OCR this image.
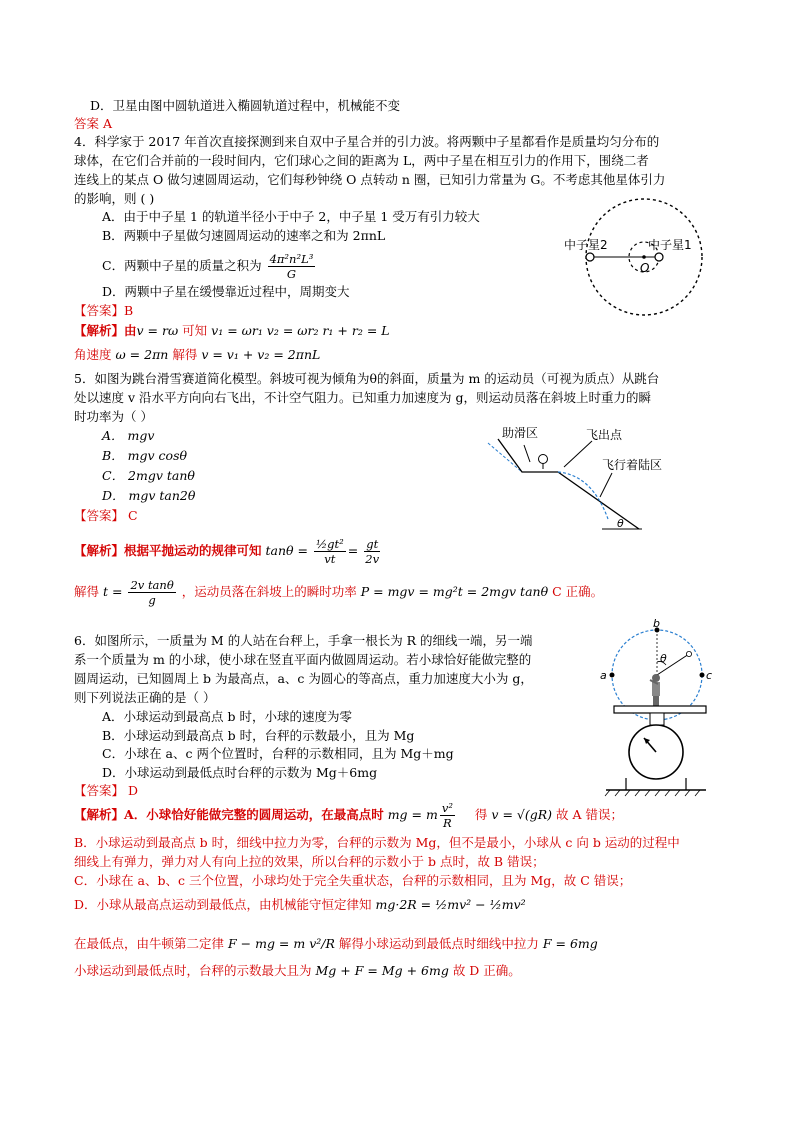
D．卫星由图中圆轨道进入椭圆轨道过程中，机械能不变
答案 A
4．科学家于 2017 年首次直接探测到来自双中子星合并的引力波。将两颗中子星都看作是质量均匀分布的
球体，在它们合并前的一段时间内，它们球心之间的距离为 L，两中子星在相互引力的作用下，围绕二者
连线上的某点 O 做匀速圆周运动，它们每秒钟绕 O 点转动 n 圈，已知引力常量为 G。不考虑其他星体引力
的影响，则 ( )
A．由于中子星 1 的轨道半径小于中子 2，中子星 1 受万有引力较大
B．两颗中子星做匀速圆周运动的速率之和为 2πnL
C．两颗中子星的质量之积为 $\frac{\text{4π²n²L³}}{G}$
D．两颗中子星在缓慢靠近过程中，周期变大
【答案】B
【解析】由v = rω 可知 v₁ = ωr₁ v₂ = ωr₂ r₁ + r₂ = L
角速度 ω = 2πn 解得 v = v₁ + v₂ = 2πnL
中子星2	中子星1
O
5．如图为跳台滑雪赛道简化模型。斜坡可视为倾角为θ的斜面，质量为 m 的运动员（可视为质点）从跳台
处以速度 v 沿水平方向向右飞出，不计空气阻力。已知重力加速度为 g，则运动员落在斜坡上时重力的瞬
时功率为（ ）
A． mgv
B． mgv cosθ
C． 2mgv tanθ
D． mgv tan2θ
【答案】 C
【解析】根据平抛运动的规律可知 $\tan\theta = \frac{\text{½gt²}}{vt} = \frac{gt}{2v}$
解得 $t = \frac{\text{2v tanθ}}{g}$ ，运动员落在斜坡上的瞬时功率 P = mgv = mg²t = 2mgv tanθ C 正确。
助滑区	飞出点
飞行着陆区
θ
6．如图所示，一质量为 M 的人站在台秤上，手拿一根长为 R 的细线一端，另一端
系一个质量为 m 的小球，使小球在竖直平面内做圆周运动。若小球恰好能做完整的
圆周运动，已知圆周上 b 为最高点，a、c 为圆心的等高点，重力加速度大小为 g，
则下列说法正确的是（ ）
A．小球运动到最高点 b 时，小球的速度为零
B．小球运动到最高点 b 时，台秤的示数最小，且为 Mg
C．小球在 a、c 两个位置时，台秤的示数相同，且为 Mg＋mg
D．小球运动到最低点时台秤的示数为 Mg＋6mg
【答案】 D
【解析】A．小球恰好能做完整的圆周运动，在最高点时 mg = m $\frac{\text{v²}}{R}$ 得 v = √(gR) 故 A 错误；
B．小球运动到最高点 b 时，细线中拉力为零，台秤的示数为 Mg，但不是最小，小球从 c 向 b 运动的过程中
细线上有弹力，弹力对人有向上拉的效果，所以台秤的示数小于 b 点时，故 B 错误；
C．小球在 a、b、c 三个位置，小球均处于完全失重状态，台秤的示数相同，且为 Mg，故 C 错误；
D．小球从最高点运动到最低点，由机械能守恒定律知 mg·2R = ½mv² − ½mv²
在最低点，由牛顿第二定律 F − mg = m v²/R 解得小球运动到最低点时细线中拉力 F = 6mg
小球运动到最低点时，台秤的示数最大且为 Mg + F = Mg + 6mg 故 D 正确。
b
a	c
θ
